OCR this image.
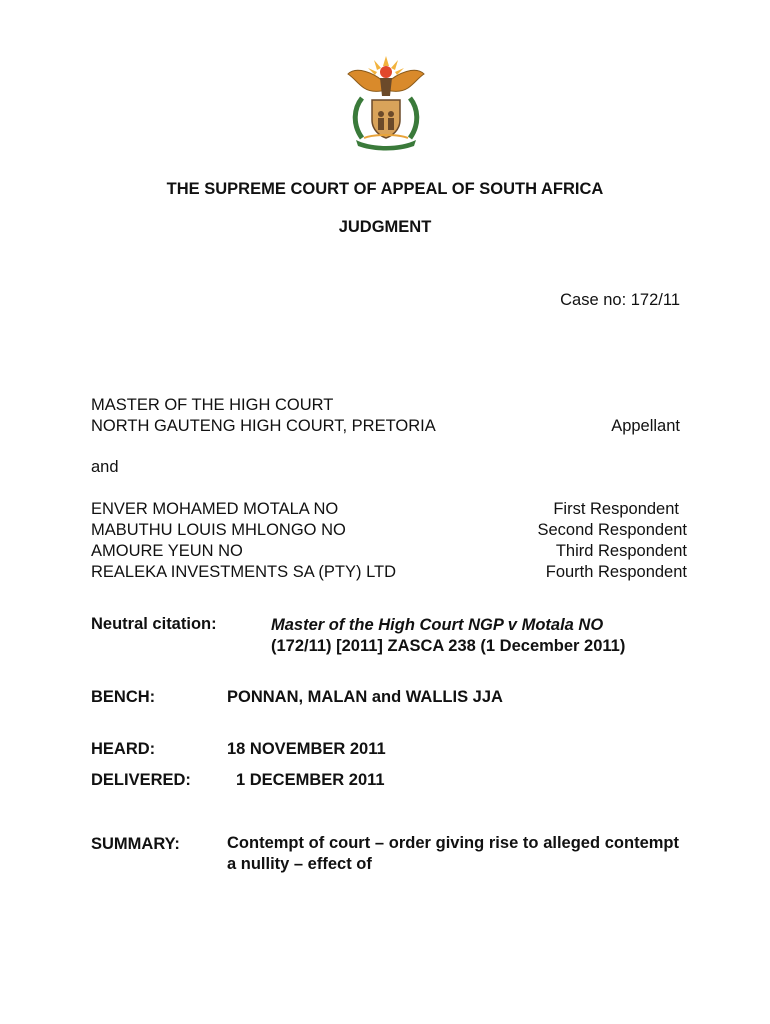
THE SUPREME COURT OF APPEAL OF SOUTH AFRICA
JUDGMENT
Case no: 172/11
MASTER OF THE HIGH COURT
NORTH GAUTENG HIGH COURT, PRETORIA	Appellant
and
ENVER MOHAMED MOTALA NO	First Respondent
MABUTHU LOUIS MHLONGO NO	Second Respondent
AMOURE YEUN NO	Third Respondent
REALEKA INVESTMENTS SA (PTY) LTD	Fourth Respondent
Neutral citation:	Master of the High Court NGP v Motala NO
(172/11) [2011] ZASCA 238 (1 December 2011)
BENCH:	PONNAN, MALAN and WALLIS JJA
HEARD:	18 NOVEMBER 2011
DELIVERED:	1 DECEMBER 2011
SUMMARY:	Contempt of court – order giving rise to alleged contempt a nullity – effect of
